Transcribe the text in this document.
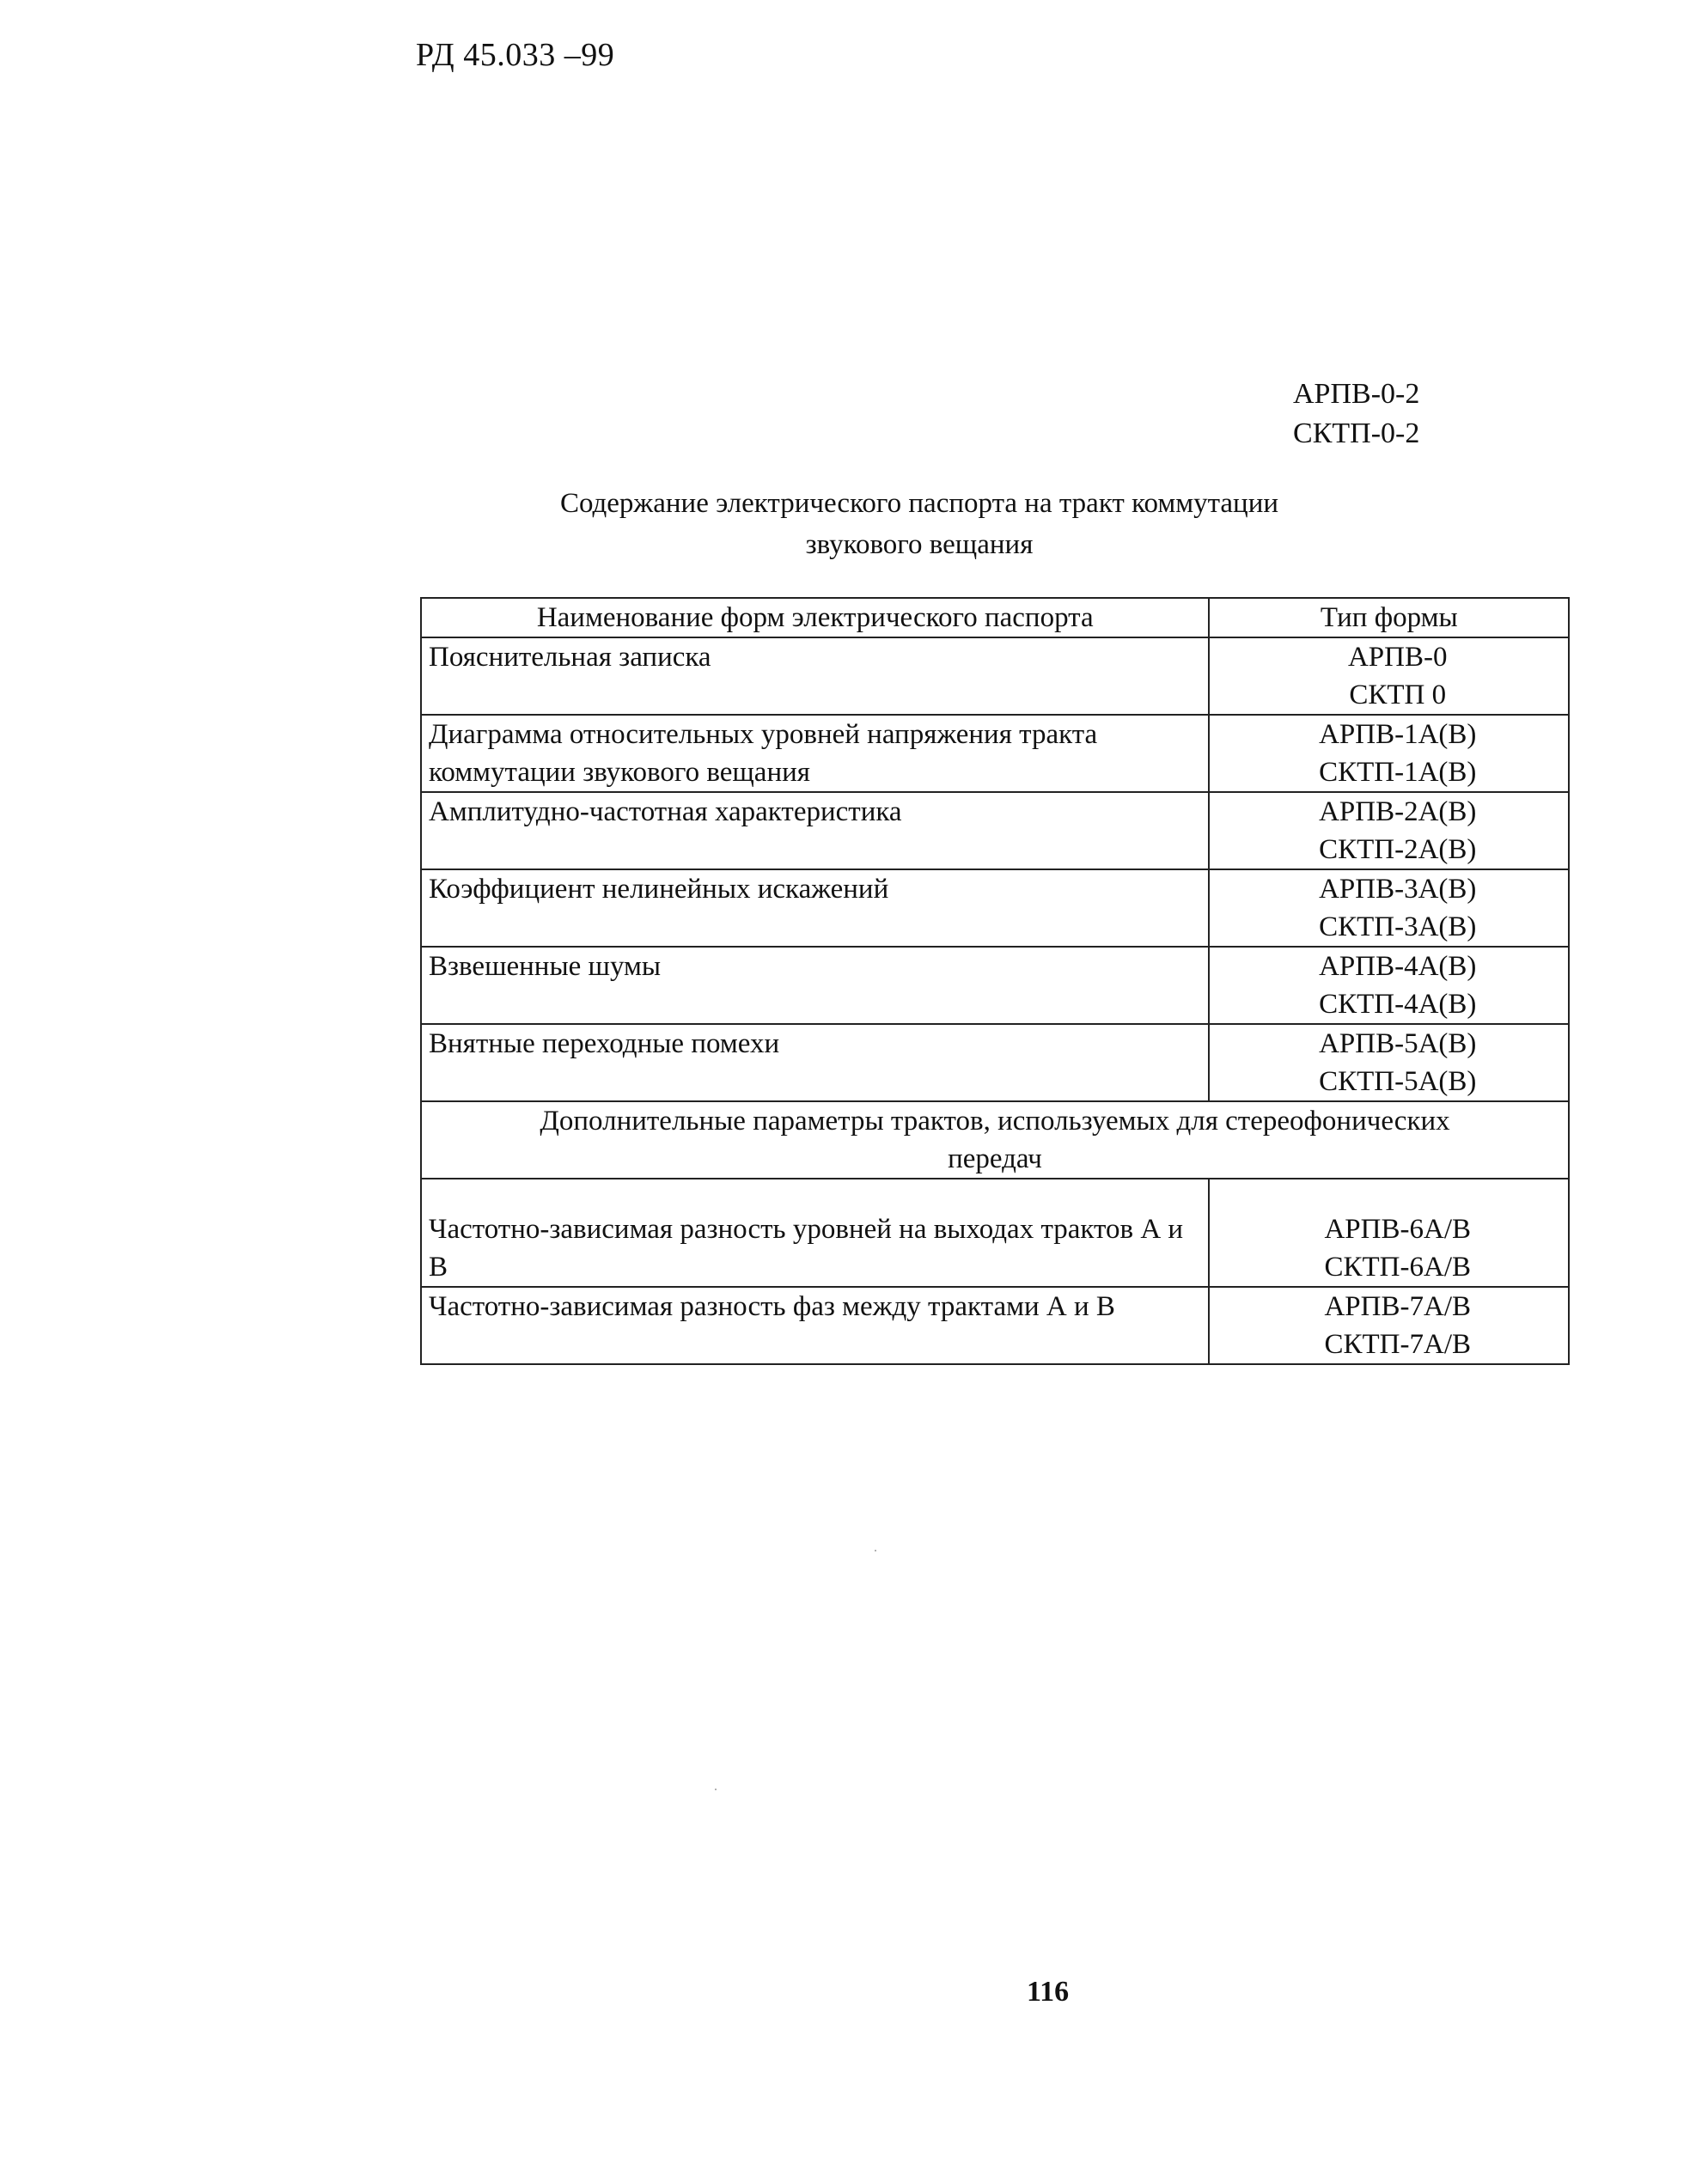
РД 45.033 –99
АРПВ-0-2
СКТП-0-2
Содержание электрического паспорта на тракт коммутации
звукового вещания
Наименование форм электрического паспорта	Тип формы
Пояснительная записка	АРПВ-0
СКТП 0

Диаграмма относительных уровней напряжения тракта коммутации звукового вещания	АРПВ-1А(В)
СКТП-1А(В)

Амплитудно-частотная характеристика	АРПВ-2А(В)
СКТП-2А(В)

Коэффициент нелинейных искажений	АРПВ-3А(В)
СКТП-3А(В)

Взвешенные шумы	АРПВ-4А(В)
СКТП-4А(В)

Внятные переходные помехи	АРПВ-5А(В)
СКТП-5А(В)

Дополнительные параметры трактов, используемых для стереофонических
передач	

Частотно-зависимая разность уровней на выходах трактов А и В	АРПВ-6А/В
СКТП-6А/В

Частотно-зависимая разность фаз между трактами А и В	АРПВ-7А/В
СКТП-7А/В
116
